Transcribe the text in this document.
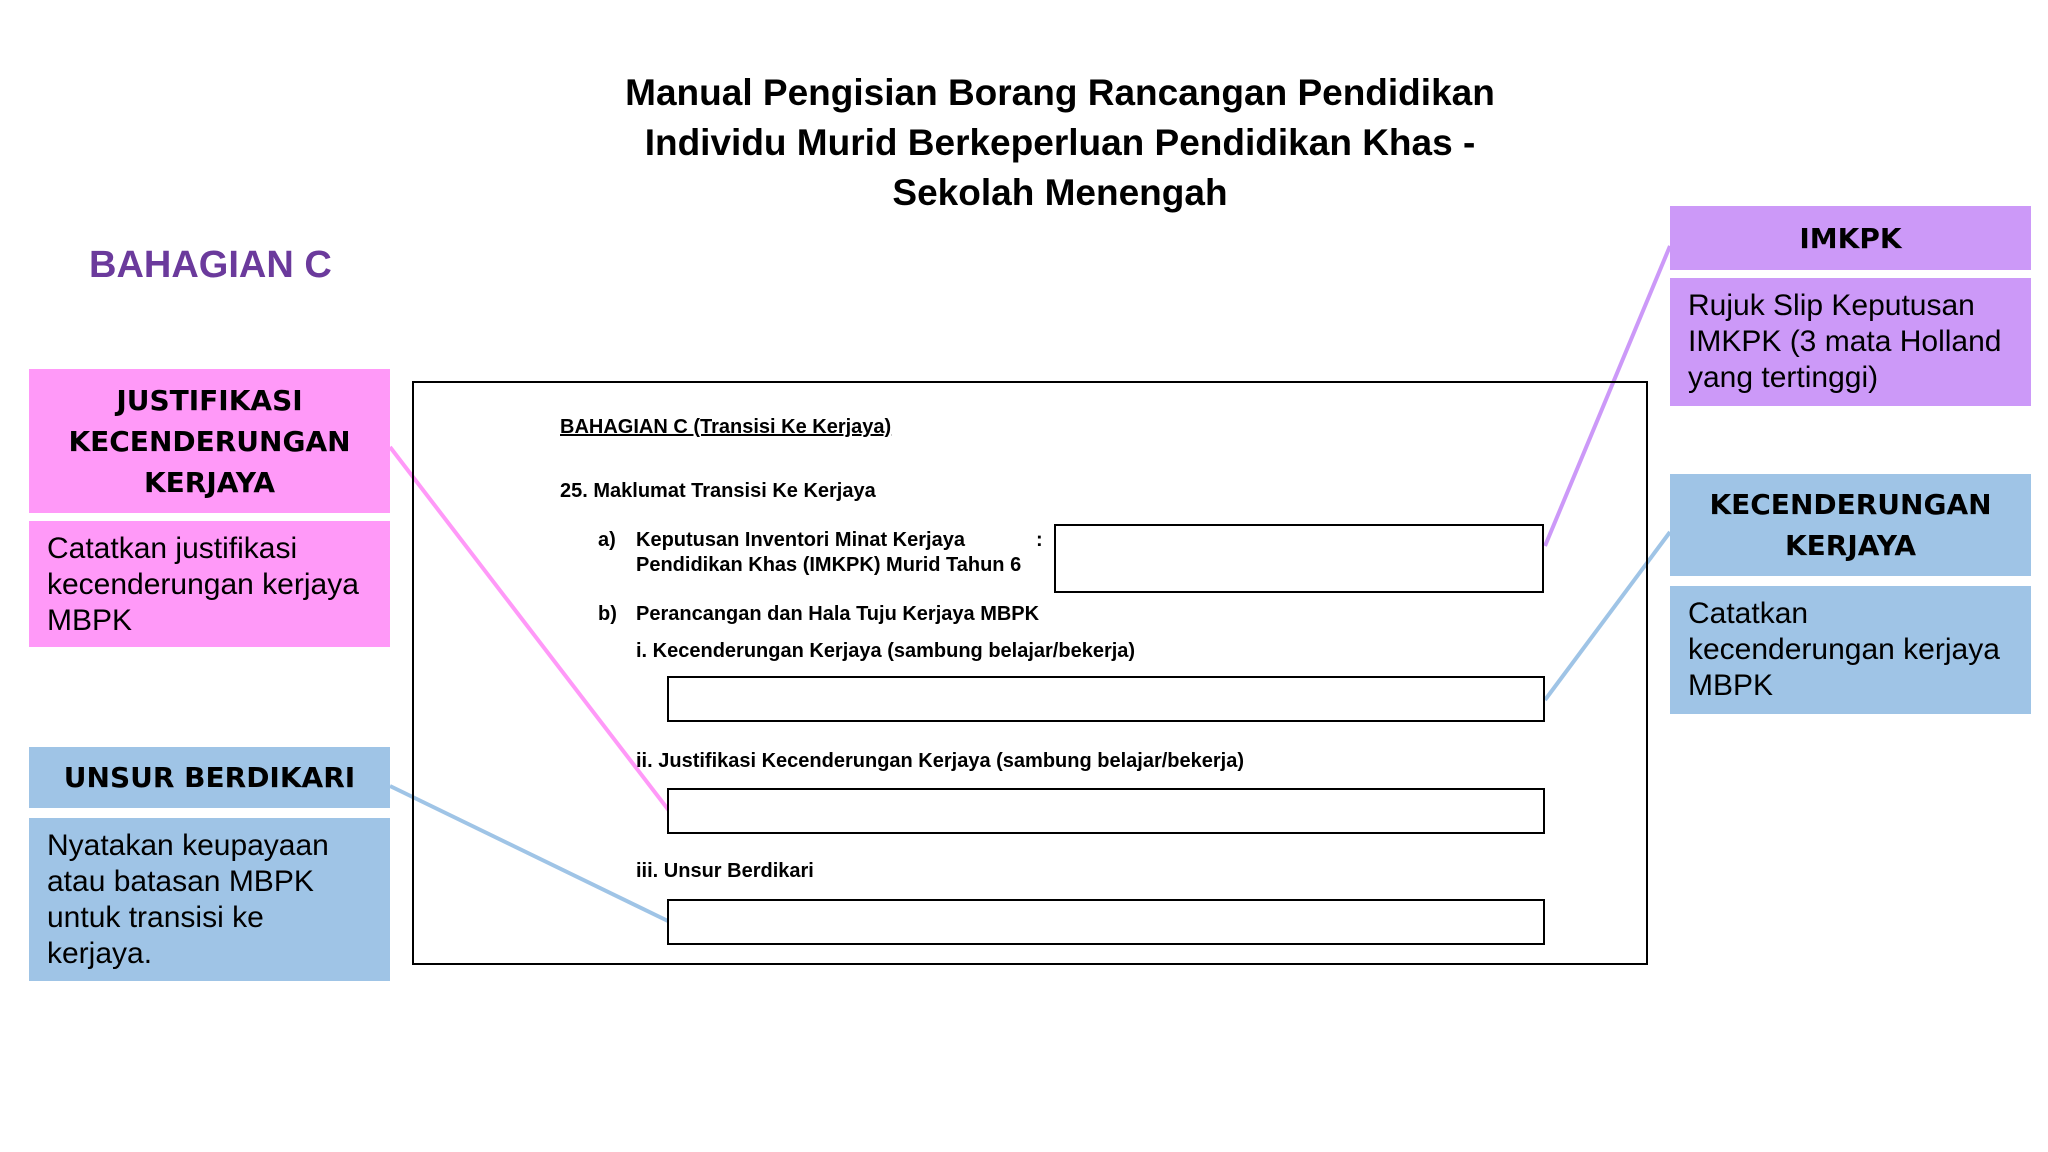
Manual Pengisian Borang Rancangan Pendidikan
Individu Murid Berkeperluan Pendidikan Khas -
Sekolah Menengah
BAHAGIAN C
JUSTIFIKASI
KECENDERUNGAN
KERJAYA
Catatkan justifikasi
kecenderungan kerjaya
MBPK
UNSUR BERDIKARI
Nyatakan keupayaan
atau batasan MBPK
untuk transisi ke
kerjaya.
IMKPK
Rujuk Slip Keputusan
IMKPK (3 mata Holland
yang tertinggi)
KECENDERUNGAN
KERJAYA
Catatkan
kecenderungan kerjaya
MBPK
BAHAGIAN C (Transisi Ke Kerjaya)
25. Maklumat Transisi Ke Kerjaya
a) Keputusan Inventori Minat Kerjaya
Pendidikan Khas (IMKPK) Murid Tahun 6
:
b) Perancangan dan Hala Tuju Kerjaya MBPK
i. Kecenderungan Kerjaya (sambung belajar/bekerja)
ii. Justifikasi Kecenderungan Kerjaya (sambung belajar/bekerja)
iii. Unsur Berdikari
